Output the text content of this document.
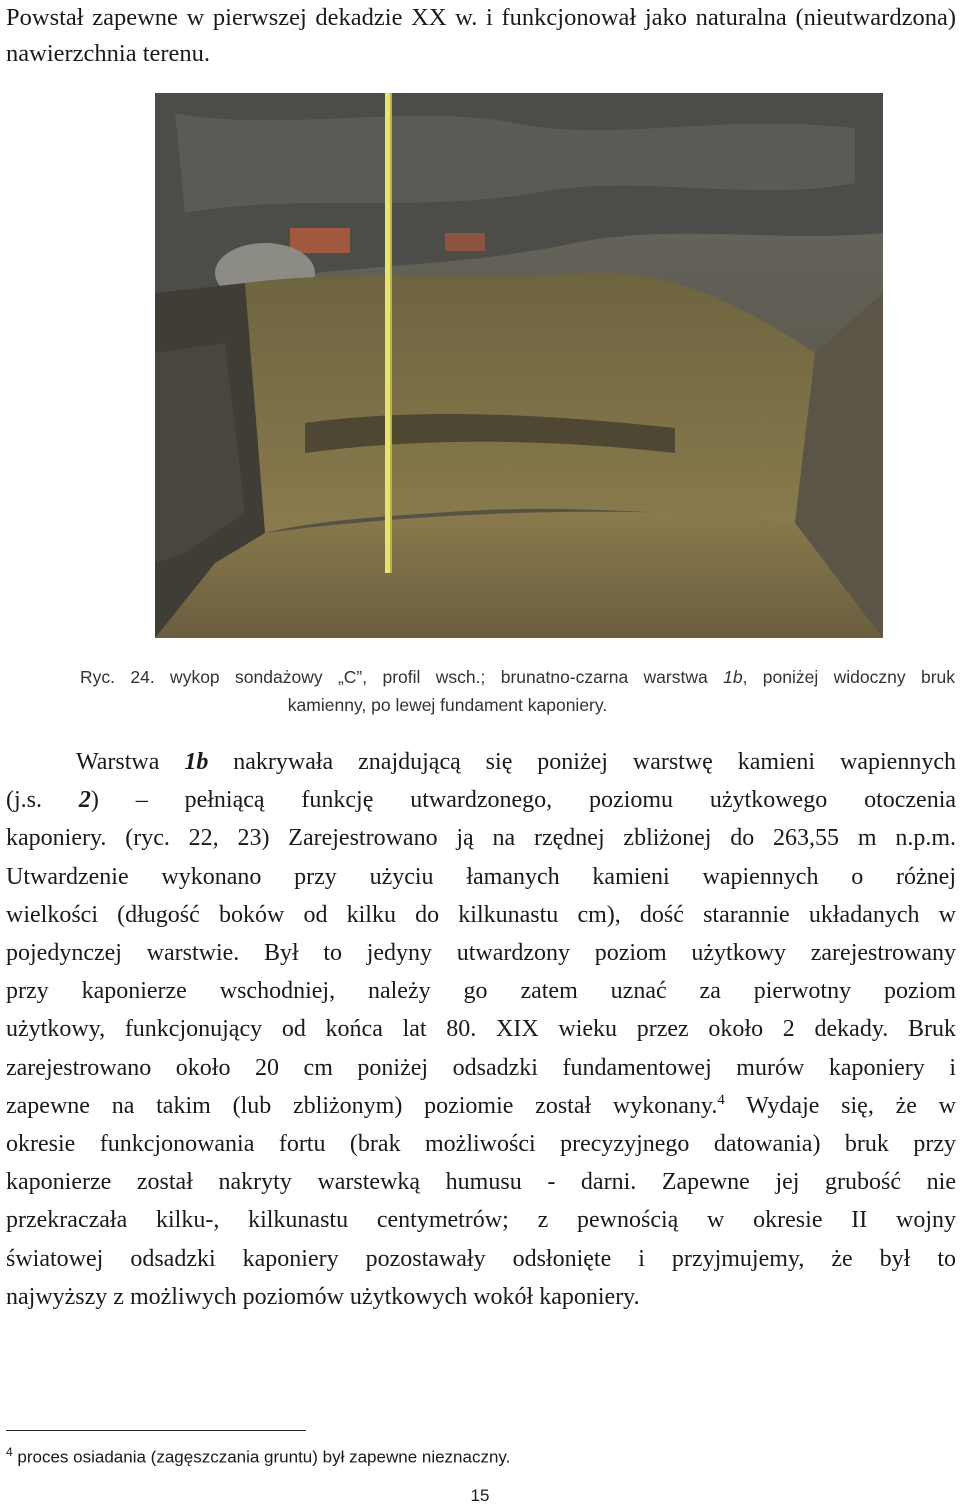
Powstał zapewne w pierwszej dekadzie XX w. i funkcjonował jako naturalna (nieutwardzona) nawierzchnia terenu.

Ryc. 24. wykop sondażowy „C”, profil wsch.; brunatno-czarna warstwa 1b, poniżej widoczny bruk
kamienny, po lewej fundament kaponiery.

Warstwa 1b nakrywała znajdującą się poniżej warstwę kamieni wapiennych
(j.s. 2) – pełniącą funkcję utwardzonego, poziomu użytkowego otoczenia
kaponiery. (ryc. 22, 23) Zarejestrowano ją na rzędnej zbliżonej do 263,55 m n.p.m.
Utwardzenie wykonano przy użyciu łamanych kamieni wapiennych o różnej
wielkości (długość boków od kilku do kilkunastu cm), dość starannie układanych w
pojedynczej warstwie. Był to jedyny utwardzony poziom użytkowy zarejestrowany
przy kaponierze wschodniej, należy go zatem uznać za pierwotny poziom
użytkowy, funkcjonujący od końca lat 80. XIX wieku przez około 2 dekady. Bruk
zarejestrowano około 20 cm poniżej odsadzki fundamentowej murów kaponiery i
zapewne na takim (lub zbliżonym) poziomie został wykonany.$^4$ Wydaje się, że w
okresie funkcjonowania fortu (brak możliwości precyzyjnego datowania) bruk przy
kaponierze został nakryty warstewką humusu - darni. Zapewne jej grubość nie
przekraczała kilku-, kilkunastu centymetrów; z pewnością w okresie II wojny
światowej odsadzki kaponiery pozostawały odsłonięte i przyjmujemy, że był to
najwyższy z możliwych poziomów użytkowych wokół kaponiery.

$^4$ proces osiadania (zagęszczania gruntu) był zapewne nieznaczny.

15
